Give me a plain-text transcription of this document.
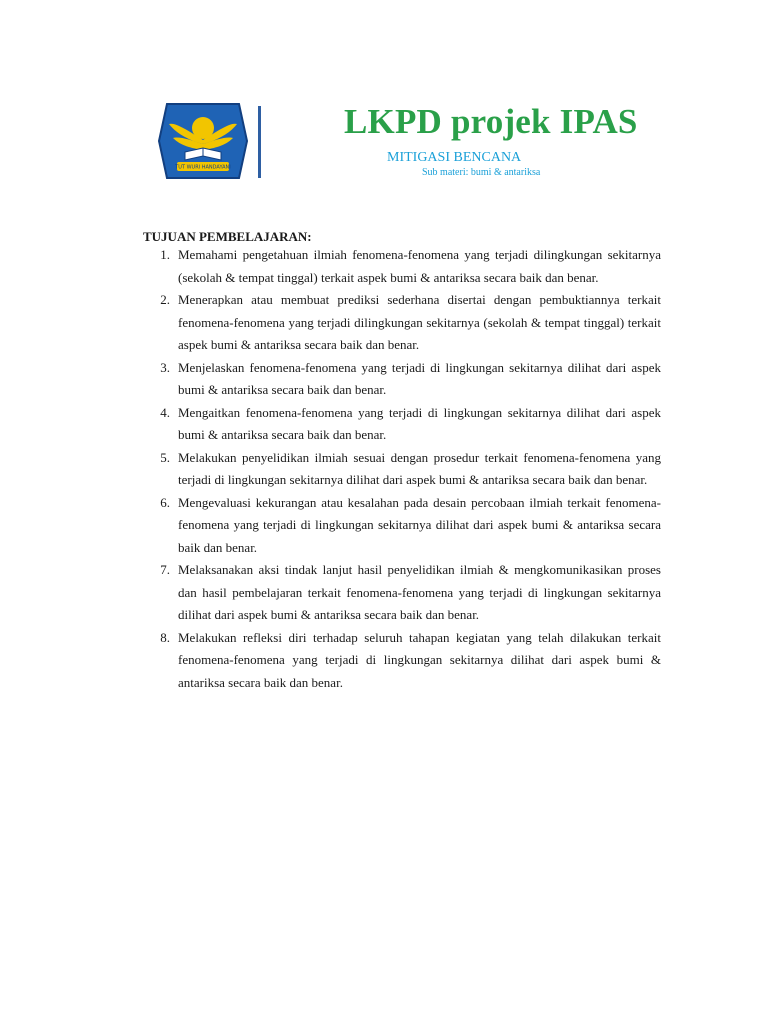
TUT WURI HANDAYANI
LKPD projek IPAS
MITIGASI BENCANA
Sub materi: bumi & antariksa
TUJUAN PEMBELAJARAN:
1. Memahami pengetahuan ilmiah fenomena-fenomena yang terjadi dilingkungan sekitarnya (sekolah & tempat tinggal) terkait aspek bumi & antariksa secara baik dan benar.
2. Menerapkan atau membuat prediksi sederhana disertai dengan pembuktiannya terkait fenomena-fenomena yang terjadi dilingkungan sekitarnya (sekolah & tempat tinggal) terkait aspek bumi & antariksa secara baik dan benar.
3. Menjelaskan fenomena-fenomena yang terjadi di lingkungan sekitarnya dilihat dari aspek bumi & antariksa secara baik dan benar.
4. Mengaitkan fenomena-fenomena yang terjadi di lingkungan sekitarnya dilihat dari aspek bumi & antariksa secara baik dan benar.
5. Melakukan penyelidikan ilmiah sesuai dengan prosedur terkait fenomena-fenomena yang terjadi di lingkungan sekitarnya dilihat dari aspek bumi & antariksa secara baik dan benar.
6. Mengevaluasi kekurangan atau kesalahan pada desain percobaan ilmiah terkait fenomena-fenomena yang terjadi di lingkungan sekitarnya dilihat dari aspek bumi & antariksa secara baik dan benar.
7. Melaksanakan aksi tindak lanjut hasil penyelidikan ilmiah & mengkomunikasikan proses dan hasil pembelajaran terkait fenomena-fenomena yang terjadi di lingkungan sekitarnya dilihat dari aspek bumi & antariksa secara baik dan benar.
8. Melakukan refleksi diri terhadap seluruh tahapan kegiatan yang telah dilakukan terkait fenomena-fenomena yang terjadi di lingkungan sekitarnya dilihat dari aspek bumi & antariksa secara baik dan benar.
